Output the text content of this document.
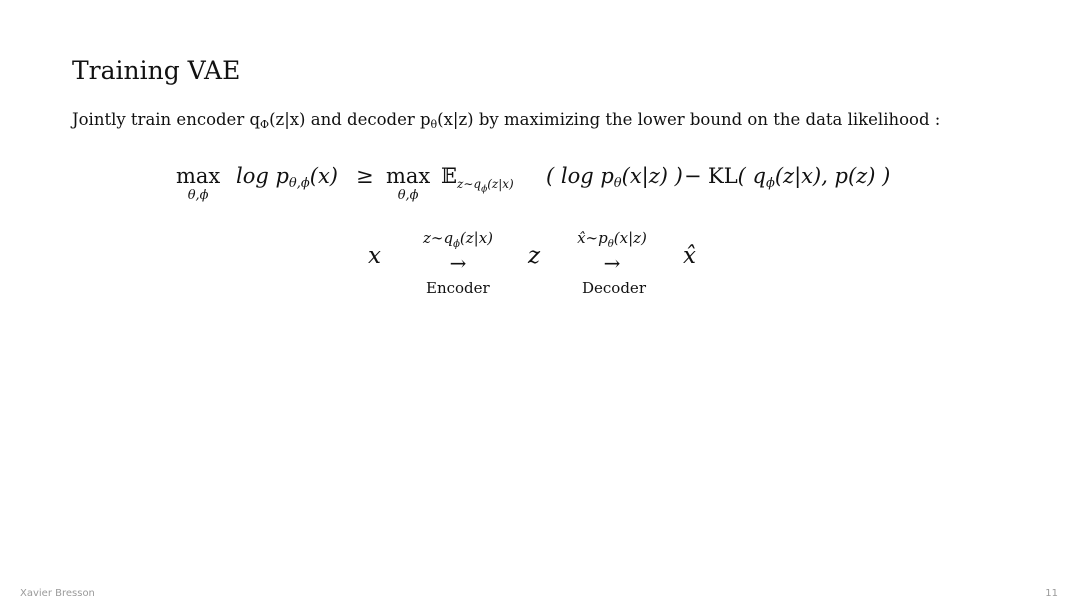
Training VAE
Jointly train encoder $q_\Phi(z|x)$ and decoder $p_\theta(x|z)$ by maximizing the lower bound on the data likelihood :
max
θ,ϕ
$\log p_{\theta,\phi}(x) \ge \max$
θ,ϕ
𝔼$_{z\sim q_\phi(z|x)}$ ( $\log p_\theta(x|z)$ ) − KL( $q_\phi(z|x)$, p(z) )
x
$z\sim q_\phi(z|x)$
→	z
$x̂\sim p_\theta(x|z)$
→	x̂
Encoder	Decoder
Xavier Bresson	11
